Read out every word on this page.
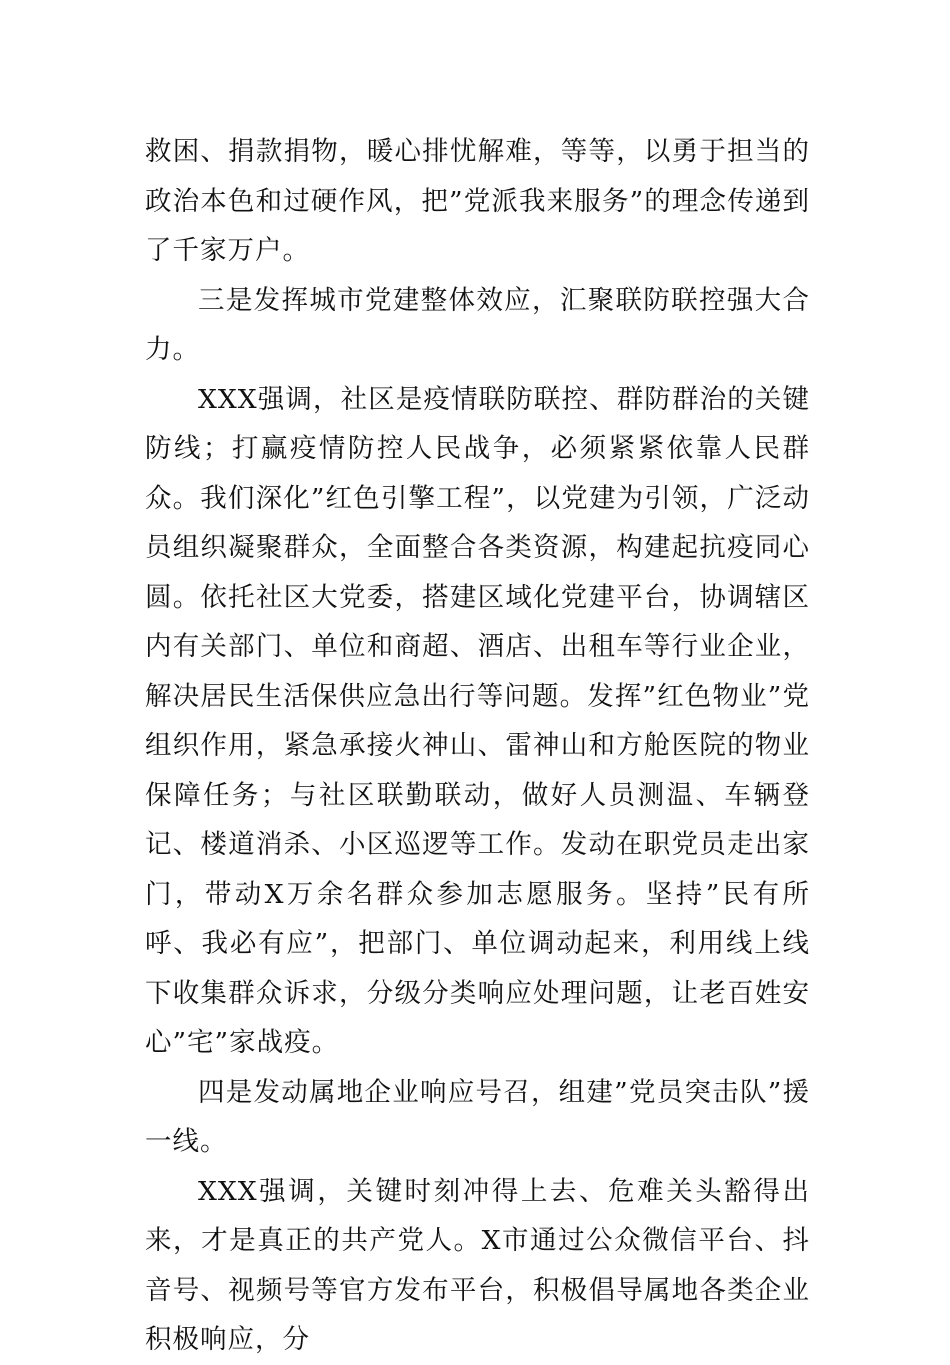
救困、捐款捐物，暖心排忧解难，等等，以勇于担当的政治本色和过硬作风，把”党派我来服务”的理念传递到了千家万户。

三是发挥城市党建整体效应，汇聚联防联控强大合力。

XXX强调，社区是疫情联防联控、群防群治的关键防线；打赢疫情防控人民战争，必须紧紧依靠人民群众。我们深化”红色引擎工程”，以党建为引领，广泛动员组织凝聚群众，全面整合各类资源，构建起抗疫同心圆。依托社区大党委，搭建区域化党建平台，协调辖区内有关部门、单位和商超、酒店、出租车等行业企业，解决居民生活保供应急出行等问题。发挥”红色物业”党组织作用，紧急承接火神山、雷神山和方舱医院的物业保障任务；与社区联勤联动，做好人员测温、车辆登记、楼道消杀、小区巡逻等工作。发动在职党员走出家门，带动X万余名群众参加志愿服务。坚持”民有所呼、我必有应”，把部门、单位调动起来，利用线上线下收集群众诉求，分级分类响应处理问题，让老百姓安心”宅”家战疫。

四是发动属地企业响应号召，组建”党员突击队”援一线。

XXX强调，关键时刻冲得上去、危难关头豁得出来，才是真正的共产党人。X市通过公众微信平台、抖音号、视频号等官方发布平台，积极倡导属地各类企业积极响应，分
